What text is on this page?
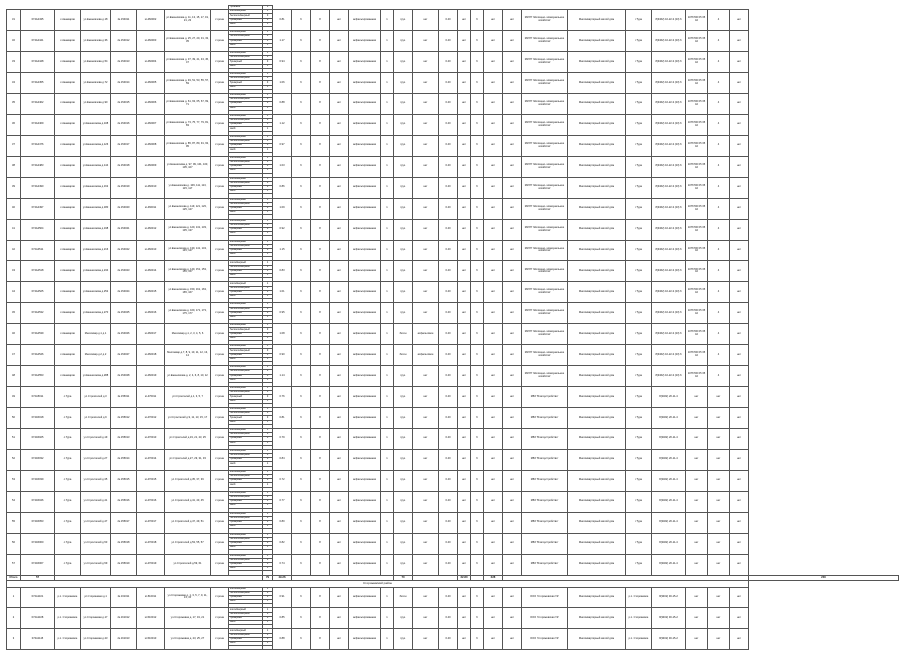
								грязевый	0																					
31	074A4435	с.Акназаров	ул.Ежениязова д.18	2к.154011	st-460002	ул.Ежениязова д. 11, 13, 15, 17, 19, 21, 23	ст.рона	контейнерный	1	0.81	6	8	нет	асфальтированная	1	груз.	нет	0.40	нет	6	нет	нет	МКУП 'Жилищно- коммунальное хозяйство'	Многоквартирный жилой дом	г.Тура	8(3462) 10-22-3 (23) 6	1076700 05 35 42	4	нет	
								бесконтейнерный	0																					
								бункерный	0																					
								иной	1																					

32	074A4441	с.Акназаров	ул.Ежениязова д.36	2к.154012	st-460003	ул.Ежениязова д. 25, 27, 29, 31, 33, 35	ст.рона	контейнерный	1	1.17	6	8	нет	асфальтированная	1	груз.	нет	0.40	нет	6	нет	нет	МКУП 'Жилищно- коммунальное хозяйство'	Многоквартирный жилой дом	г.Тура	8(3462) 10-22-3 (23) 6	1076700 05 35 42	4	нет	
								бесконтейнерный	0																					
								бункерный	0																					
								иной	1																					

33	074A4448	с.Акназаров	ул.Ежениязова д.54	2к.154013	st-460004	ул.Ежениязова д. 37, 39, 41, 43, 45, 47	ст.рона	контейнерный	1	0.94	6	8	нет	асфальтированная	1	груз.	нет	0.40	нет	6	нет	нет	МКУП 'Жилищно- коммунальное хозяйство'	Многоквартирный жилой дом	г.Тура	8(3462) 10-22-3 (23) 6	1076700 05 35 42	4	нет	
								бесконтейнерный	0																					
								бункерный	0																					
								иной	1																					

34	074A4455	с.Акназаров	ул.Ежениязова д.72	2к.154014	st-460005	ул.Ежениязова д. 49, 51, 53, 55, 57, 59	ст.рона	контейнерный	1	1.06	6	8	нет	асфальтированная	1	груз.	нет	0.40	нет	6	нет	нет	МКУП 'Жилищно- коммунальное хозяйство'	Многоквартирный жилой дом	г.Тура	8(3462) 10-22-3 (23) 6	1076700 05 35 42	4	нет	
								бесконтейнерный	0																					
								бункерный	0																					
								иной	1																					

35	074A4462	с.Акназаров	ул.Ежениязова д.90	2к.154015	st-460006	ул.Ежениязова д. 61, 63, 65, 67, 69, 71	ст.рона	контейнерный	1	0.88	6	8	нет	асфальтированная	1	груз.	нет	0.40	нет	6	нет	нет	МКУП 'Жилищно- коммунальное хозяйство'	Многоквартирный жилой дом	г.Тура	8(3462) 10-22-3 (23) 6	1076700 05 35 42	4	нет	
								бесконтейнерный	0																					
								бункерный	0																					
								иной	1																					

36	074A4469	с.Акназаров	ул.Ежениязова д.108	2к.154016	st-460007	ул.Ежениязова д. 73, 75, 77, 79, 81, 83	ст.рона	контейнерный	1	1.12	6	8	нет	асфальтированная	1	груз.	нет	0.40	нет	6	нет	нет	МКУП 'Жилищно- коммунальное хозяйство'	Многоквартирный жилой дом	г.Тура	8(3462) 10-22-3 (23) 6	1076700 05 35 42	4	нет	
								бесконтейнерный	0																					
								бункерный	0																					
								иной	1																					

37	074A4476	с.Акназаров	ул.Ежениязова д.126	2к.154017	st-460008	ул.Ежениязова д. 85, 87, 89, 91, 93, 95	ст.рона	контейнерный	1	0.97	6	8	нет	асфальтированная	1	груз.	нет	0.40	нет	6	нет	нет	МКУП 'Жилищно- коммунальное хозяйство'	Многоквартирный жилой дом	г.Тура	8(3462) 10-22-3 (23) 6	1076700 05 35 42	4	нет	
								бесконтейнерный	0																					
								бункерный	0																					
								иной	1																					

38	074A4483	с.Акназаров	ул.Ежениязова д.144	2к.154018	st-460009	ул.Ежениязова д. 97, 99, 101, 103, 105, 107	ст.рона	контейнерный	1	1.03	6	8	нет	асфальтированная	1	груз.	нет	0.40	нет	6	нет	нет	МКУП 'Жилищно- коммунальное хозяйство'	Многоквартирный жилой дом	г.Тура	8(3462) 10-22-3 (23) 6	1076700 05 35 42	4	нет	
								бесконтейнерный	0																					
								бункерный	0																					
								иной	1																					

39	074A4490	с.Акназаров	ул.Ежениязова д.162	2к.154019	st-460010	ул.Ежениязова д. 109, 111, 113, 115, 117	ст.рона	контейнерный	1	0.86	6	8	нет	асфальтированная	1	груз.	нет	0.40	нет	6	нет	нет	МКУП 'Жилищно- коммунальное хозяйство'	Многоквартирный жилой дом	г.Тура	8(3462) 10-22-3 (23) 6	1076700 05 35 42	4	нет	
								бесконтейнерный	0																					
								бункерный	0																					
								иной	1																					

40	074A4497	с.Акназаров	ул.Ежениязова д.180	2к.154020	st-460011	ул.Ежениязова д. 119, 121, 123, 125, 127	ст.рона	контейнерный	1	1.09	6	8	нет	асфальтированная	1	груз.	нет	0.40	нет	6	нет	нет	МКУП 'Жилищно- коммунальное хозяйство'	Многоквартирный жилой дом	г.Тура	8(3462) 10-22-3 (23) 6	1076700 05 35 42	4	нет	
								бесконтейнерный	0																					
								бункерный	0																					
								иной	1																					

41	074A4504	с.Акназаров	ул.Ежениязова д.198	2к.154021	st-460012	ул.Ежениязова д. 129, 131, 133, 135, 137	ст.рона	контейнерный	1	0.92	6	8	нет	асфальтированная	1	груз.	нет	0.40	нет	6	нет	нет	МКУП 'Жилищно- коммунальное хозяйство'	Многоквартирный жилой дом	г.Тура	8(3462) 10-22-3 (23) 6	1076700 05 35 42	4	нет	
								бесконтейнерный	0																					
								бункерный	0																					
								иной	1																					

42	074A4511	с.Акназаров	ул.Ежениязова д.216	2к.154022	st-460013	ул.Ежениязова д. 139, 141, 143, 145, 147	ст.рона	контейнерный	1	1.15	6	8	нет	асфальтированная	1	груз.	нет	0.40	нет	6	нет	нет	МКУП 'Жилищно- коммунальное хозяйство'	Многоквартирный жилой дом	г.Тура	8(3462) 10-22-3 (23) 6	1076700 05 35 42	4	нет	
								бесконтейнерный	0																					
								бункерный	0																					
								иной	1																					

43	074A4518	с.Акназаров	ул.Ежениязова д.234	2к.154023	st-460014	ул.Ежениязова д. 149, 151, 153, 155, 157	ст.рона	контейнерный	1	0.83	6	8	нет	асфальтированная	1	груз.	нет	0.40	нет	6	нет	нет	МКУП 'Жилищно- коммунальное хозяйство'	Многоквартирный жилой дом	г.Тура	8(3462) 10-22-3 (23) 6	1076700 05 35 42	4	нет	
								бесконтейнерный	0																					
								бункерный	0																					
								иной	1																					

44	074A4525	с.Акназаров	ул.Ежениязова д.252	2к.154024	st-460015	ул.Ежениязова д. 159, 161, 163, 165, 167	ст.рона	контейнерный	1	1.01	6	8	нет	асфальтированная	1	груз.	нет	0.40	нет	6	нет	нет	МКУП 'Жилищно- коммунальное хозяйство'	Многоквартирный жилой дом	г.Тура	8(3462) 10-22-3 (23) 6	1076700 05 35 42	4	нет	
								бесконтейнерный	0																					
								бункерный	0																					
								иной	1																					

45	074A4532	с.Акназаров	ул.Ежениязова д.270	2к.154025	st-460016	ул.Ежениязова д. 169, 171, 173, 175, 177	ст.рона	контейнерный	1	0.95	6	8	нет	асфальтированная	1	груз.	нет	0.40	нет	6	нет	нет	МКУП 'Жилищно- коммунальное хозяйство'	Многоквартирный жилой дом	г.Тура	8(3462) 10-22-3 (23) 6	1076700 05 35 42	4	нет	
								бесконтейнерный	0																					
								бункерный	0																					
								иной	1																					

46	074A4539	с.Акназаров	Многоквар.д.1 д.1	2к.154026	st-460017	Многоквар.д.1, 2, 3, 4, 5, 6	ст.рона	контейнерный	1	1.08	6	8	нет	асфальтированная	1	бетон	асфальтовое	0.40	нет	6	нет	нет	МКУП 'Жилищно- коммунальное хозяйство'	Многоквартирный жилой дом	г.Тура	8(3462) 10-22-3 (23) 6	1076700 05 35 42	4	нет	
								бесконтейнерный	0																					
								бункерный	0																					
								иной	1																					

47	074A4546	с.Акназаров	Многоквар.д.2 д.2	2к.154027	st-460018	Многоквар.д.7, 8, 9, 10, 11, 12, 13, 14	ст.рона	контейнерный	1	0.90	6	8	нет	асфальтированная	1	бетон	асфальтовое	0.40	нет	6	нет	нет	МКУП 'Жилищно- коммунальное хозяйство'	Многоквартирный жилой дом	г.Тура	8(3462) 10-22-3 (23) 6	1076700 05 35 42	4	нет	
								бесконтейнерный	0																					
								бункерный	0																					
								иной	1																					

48	074A4553	с.Акназаров	ул.Ежениязова д.288	2к.154028	st-460019	ул.Ежениязова д. 2, 4, 6, 8, 10, 12	ст.рона	контейнерный	1	1.14	6	8	нет	асфальтированная	1	груз.	нет	0.40	нет	6	нет	нет	МКУП 'Жилищно- коммунальное хозяйство'	Многоквартирный жилой дом	г.Тура	8(3462) 10-22-3 (23) 6	1076700 05 35 42	4	нет	
								бесконтейнерный	0																					
								бункерный	0																					
								иной	1																					

49	074A5011	с.Тура	ул.Строителей д.3	2к.155011	st-470011	ул.Строителей д.1, 3, 5, 7	ст.рона	контейнерный	1	0.76	6	8	нет	асфальтированная	1	груз.	нет	0.40	нет	6	нет	нет	МБУ 'Благоустройство'	Многоквартирный жилой дом	г.Тура	8(3462) 20-11-4	нет	нет	нет	
								бесконтейнерный	0																					
								бункерный	0																					
								иной	1																					

50	074A5018	с.Тура	ул.Строителей д.9	2к.155012	st-470012	ул.Строителей д.9, 11, 13, 15, 17	ст.рона	контейнерный	1	0.81	6	8	нет	асфальтированная	1	груз.	нет	0.40	нет	6	нет	нет	МБУ 'Благоустройство'	Многоквартирный жилой дом	г.Тура	8(3462) 20-11-4	нет	нет	нет	
								бесконтейнерный	0																					
								бункерный	0																					
								иной	1																					

51	074A5025	с.Тура	ул.Строителей д.19	2к.155013	st-470013	ул.Строителей д.19, 21, 23, 25	ст.рона	контейнерный	1	0.79	6	8	нет	асфальтированная	1	груз.	нет	0.40	нет	6	нет	нет	МБУ 'Благоустройство'	Многоквартирный жилой дом	г.Тура	8(3462) 20-11-4	нет	нет	нет	
								бесконтейнерный	0																					
								бункерный	0																					
								иной	1																					

52	074A5032	с.Тура	ул.Строителей д.27	2к.155014	st-470014	ул.Строителей д.27, 29, 31, 33	ст.рона	контейнерный	1	0.84	6	8	нет	асфальтированная	1	груз.	нет	0.40	нет	6	нет	нет	МБУ 'Благоустройство'	Многоквартирный жилой дом	г.Тура	8(3462) 20-11-4	нет	нет	нет	
								бесконтейнерный	0																					
								бункерный	0																					
								иной	1																					

53	074A5039	с.Тура	ул.Строителей д.35	2к.155015	st-470015	ул.Строителей д.35, 37, 39	ст.рона	контейнерный	1	0.72	6	8	нет	асфальтированная	1	груз.	нет	0.40	нет	6	нет	нет	МБУ 'Благоустройство'	Многоквартирный жилой дом	г.Тура	8(3462) 20-11-4	нет	нет	нет	
								бесконтейнерный	0																					
								бункерный	0																					
								иной	1																					

54	074A5046	с.Тура	ул.Строителей д.41	2к.155016	st-470016	ул.Строителей д.41, 43, 45	ст.рона	контейнерный	1	0.77	6	8	нет	асфальтированная	1	груз.	нет	0.40	нет	6	нет	нет	МБУ 'Благоустройство'	Многоквартирный жилой дом	г.Тура	8(3462) 20-11-4	нет	нет	нет	
								бесконтейнерный	0																					
								бункерный	0																					
								иной	1																					

55	074A5053	с.Тура	ул.Строителей д.47	2к.155017	st-470017	ул.Строителей д.47, 49, 51	ст.рона	контейнерный	1	0.80	6	8	нет	асфальтированная	1	груз.	нет	0.40	нет	6	нет	нет	МБУ 'Благоустройство'	Многоквартирный жилой дом	г.Тура	8(3462) 20-11-4	нет	нет	нет	
								бесконтейнерный	0																					
								бункерный	0																					
								иной	1																					

56	074A5060	с.Тура	ул.Строителей д.53	2к.155018	st-470018	ул.Строителей д.53, 55, 57	ст.рона	контейнерный	1	0.82	6	8	нет	асфальтированная	1	груз.	нет	0.40	нет	6	нет	нет	МБУ 'Благоустройство'	Многоквартирный жилой дом	г.Тура	8(3462) 20-11-4	нет	нет	нет	
								бесконтейнерный	0																					
								бункерный	0																					
								иной	1																					

57	074A5067	с.Тура	ул.Строителей д.59	2к.155019	st-470019	ул.Строителей д.59, 61	ст.рона	контейнерный	1	0.74	6	8	нет	асфальтированная	1	груз.	нет	0.40	нет	6	нет	нет	МБУ 'Благоустройство'	Многоквартирный жилой дом	г.Тура	8(3462) 20-11-4	нет	нет	нет	
								бесконтейнерный	0																					
								бункерный	0																					
								иной	1																					

Итого	57								79	49.26						70			22.80		228									230
Сторожевский район																														
1	074A1101	р.п. Сторожевое	ул.Сторожевая д.1	2к.161011	st-510011	ул.Сторожевая д. 1, 3, 5, 7, 9, 11, 13, 15	ст.рона	контейнерный	1	0.91	6	8	нет	асфальтированная	1	бетон	нет	0.40	нет	6	нет	нет	ООО 'Сторожевская УК'	Многоквартирный жилой дом	р.п. Сторожевое	8(3462) 30-15-2	нет	нет	нет	
								бесконтейнерный	0																					
								бункерный	0																					
								иной	1																					

2	074A1108	р.п. Сторожевое	ул.Сторожевая д.17	2к.161012	st-510012	ул.Сторожевая д. 17, 19, 21	ст.рона	контейнерный	1	0.85	6	8	нет	асфальтированная	1	груз.	нет	0.40	нет	6	нет	нет	ООО 'Сторожевская УК'	Многоквартирный жилой дом	р.п. Сторожевое	8(3462) 30-15-2	нет	нет	нет	
								бесконтейнерный	0																					
								бункерный	0																					
								иной	1																					

3	074A1115	р.п. Сторожевое	ул.Сторожевая д.23	2к.161013	st-510013	ул.Сторожевая д. 23, 25, 27	ст.рона	контейнерный	1	0.88	6	8	нет	асфальтированная	1	груз.	нет	0.40	нет	6	нет	нет	ООО 'Сторожевская УК'	Многоквартирный жилой дом	р.п. Сторожевое	8(3462) 30-15-2	нет	нет	нет	
								бесконтейнерный	0																					
								бункерный	0																					
								иной	1																					
